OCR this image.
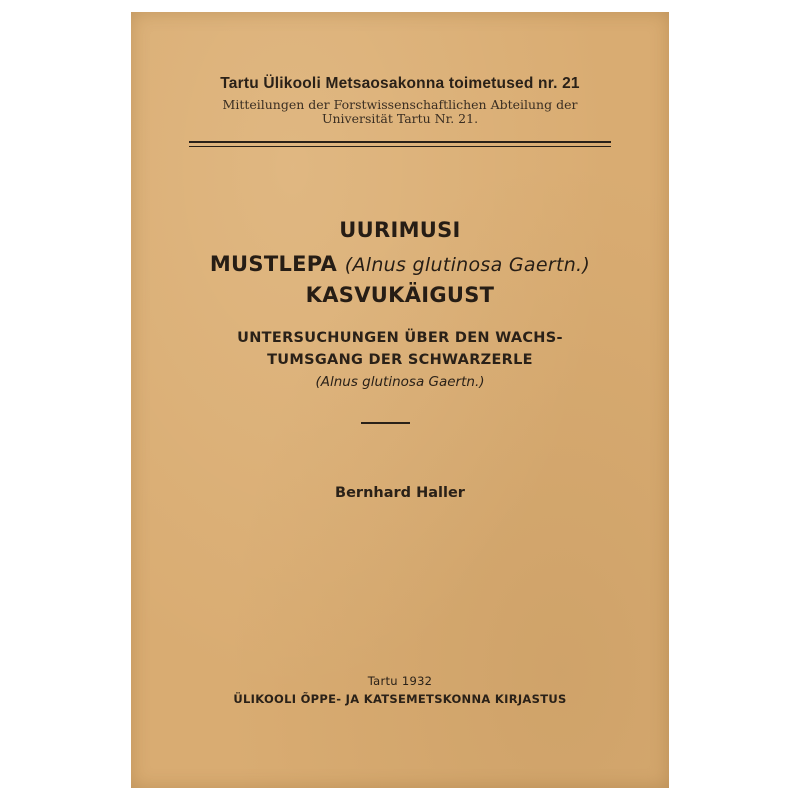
Tartu Ülikooli Metsaosakonna toimetused nr. 21
Mitteilungen der Forstwissenschaftlichen Abteilung der
Universität Tartu Nr. 21.
UURIMUSI
MUSTLEPA (Alnus glutinosa Gaertn.)
KASVUKÄIGUST
UNTERSUCHUNGEN ÜBER DEN WACHS-
TUMSGANG DER SCHWARZERLE
(Alnus glutinosa Gaertn.)
Bernhard Haller
Tartu 1932
ÜLIKOOLI ÕPPE- JA KATSEMETSKONNA KIRJASTUS
